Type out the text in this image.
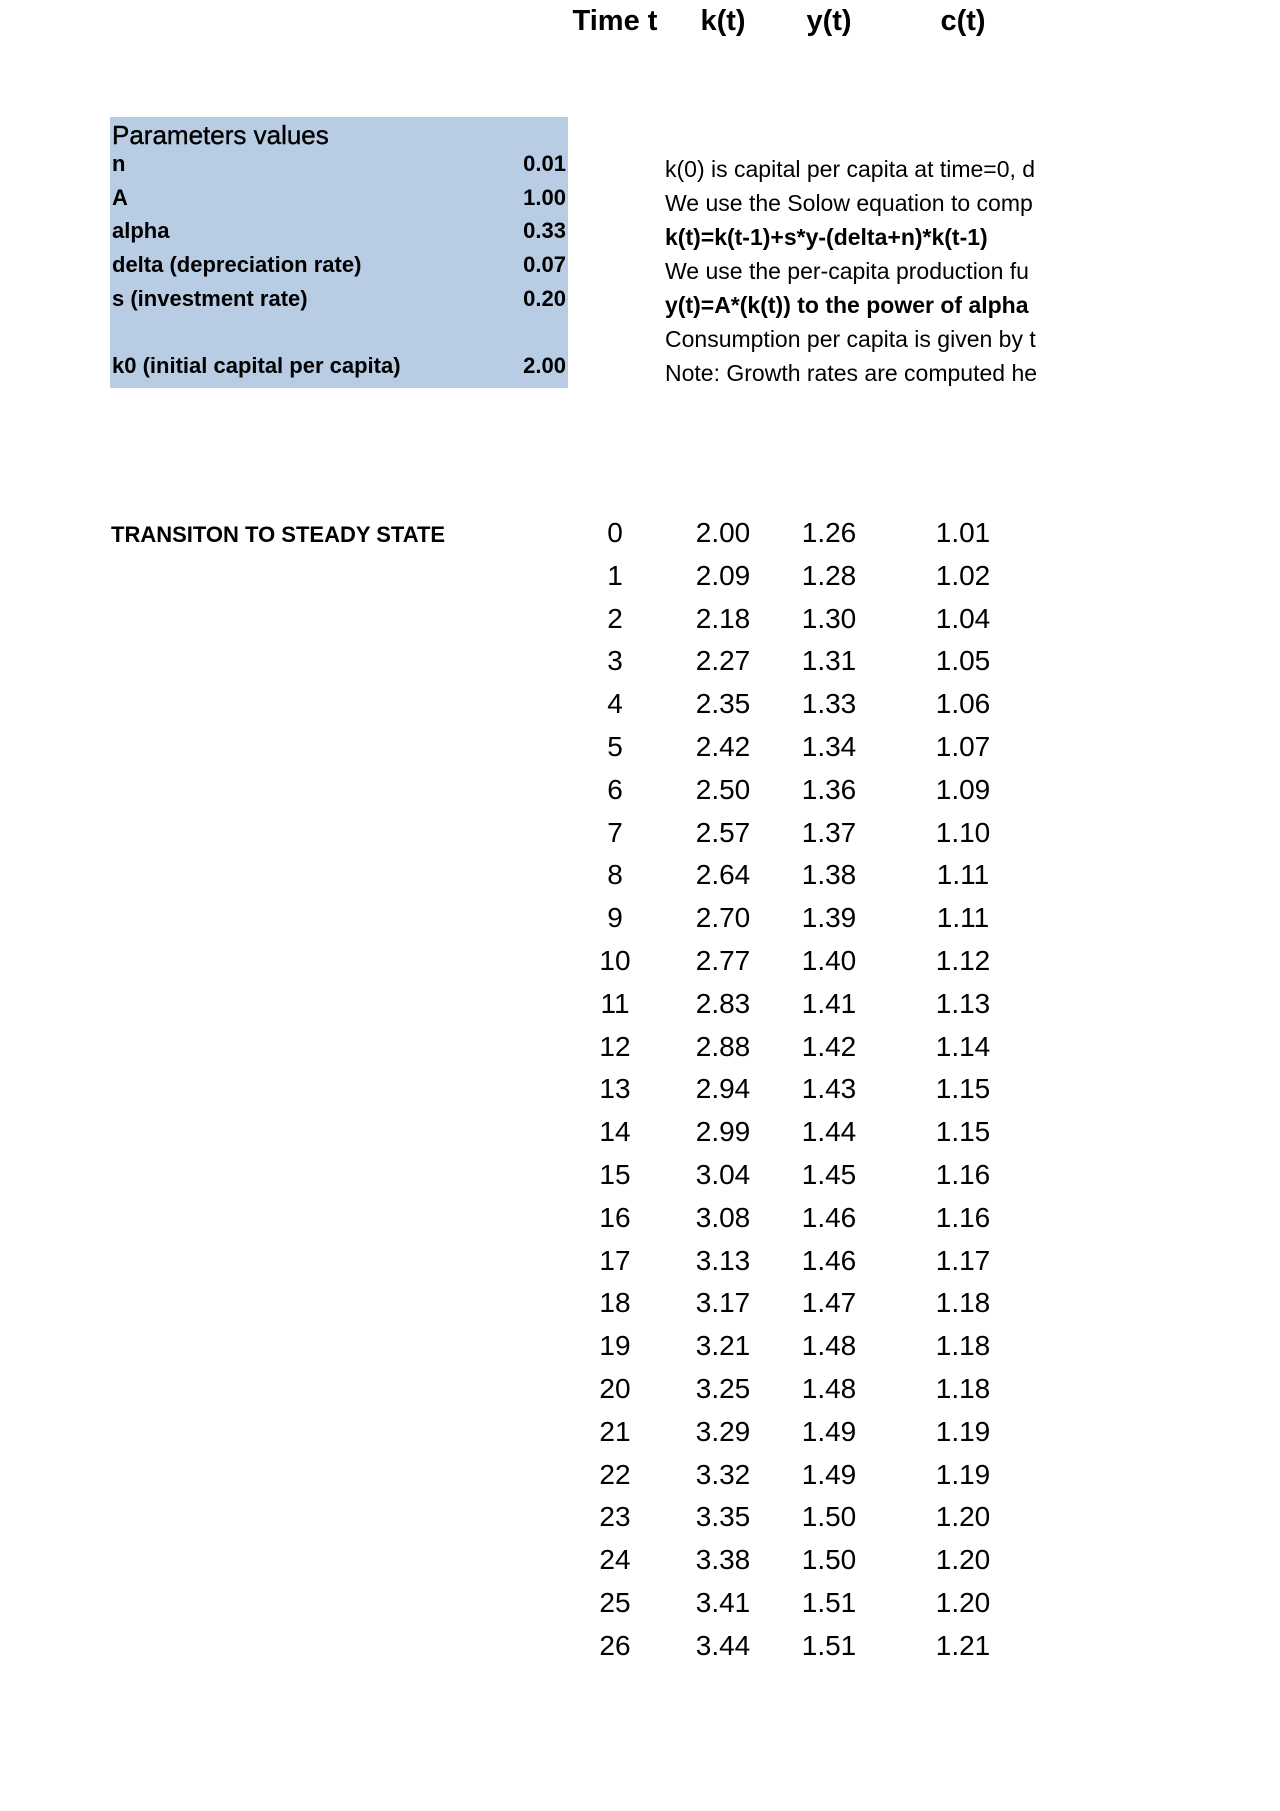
Parameters values
n	0.01
A	1.00
alpha	0.33
delta (depreciation rate)	0.07
s (investment rate)	0.20
k0 (initial capital per capita)	2.00
k(0) is capital per capita at time=0, d
We use the Solow equation to comp
k(t)=k(t-1)+s*y-(delta+n)*k(t-1)
We use the per-capita production fu
y(t)=A*(k(t)) to the power of alpha
Consumption per capita is given by t
Note: Growth rates are computed he
TRANSITON TO STEADY STATE
Time t	k(t)	y(t)	c(t)
0	2.00	1.26	1.01
1	2.09	1.28	1.02
2	2.18	1.30	1.04
3	2.27	1.31	1.05
4	2.35	1.33	1.06
5	2.42	1.34	1.07
6	2.50	1.36	1.09
7	2.57	1.37	1.10
8	2.64	1.38	1.11
9	2.70	1.39	1.11
10	2.77	1.40	1.12
11	2.83	1.41	1.13
12	2.88	1.42	1.14
13	2.94	1.43	1.15
14	2.99	1.44	1.15
15	3.04	1.45	1.16
16	3.08	1.46	1.16
17	3.13	1.46	1.17
18	3.17	1.47	1.18
19	3.21	1.48	1.18
20	3.25	1.48	1.18
21	3.29	1.49	1.19
22	3.32	1.49	1.19
23	3.35	1.50	1.20
24	3.38	1.50	1.20
25	3.41	1.51	1.20
26	3.44	1.51	1.21
